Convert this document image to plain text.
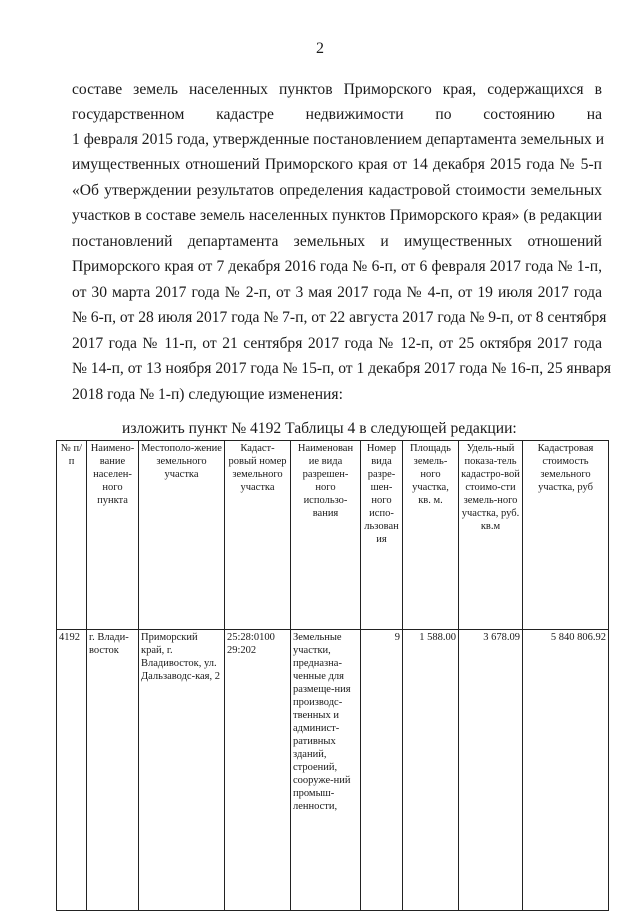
2
составе земель населенных пунктов Приморского края, содержащихся в
государственном кадастре недвижимости по состоянию на
1 февраля 2015 года, утвержденные постановлением департамента земельных и
имущественных отношений Приморского края от 14 декабря 2015 года № 5-п
«Об утверждении результатов определения кадастровой стоимости земельных
участков в составе земель населенных пунктов Приморского края» (в редакции
постановлений департамента земельных и имущественных отношений
Приморского края от 7 декабря 2016 года № 6-п, от 6 февраля 2017 года № 1-п,
от 30 марта 2017 года № 2-п, от 3 мая 2017 года № 4-п, от 19 июля 2017 года
№ 6-п, от 28 июля 2017 года № 7-п, от 22 августа 2017 года № 9-п, от 8 сентября
2017 года № 11-п, от 21 сентября 2017 года № 12-п, от 25 октября 2017 года
№ 14-п, от 13 ноября 2017 года № 15-п, от 1 декабря 2017 года № 16-п, 25 января
2018 года № 1-п) следующие изменения:
изложить пункт № 4192 Таблицы 4 в следующей редакции:
№ п/п	Наимено-вание населен-ного пункта	Местополо-жение земельного участка	Кадаст-ровый номер земельного участка	Наименован ие вида разрешен-ного использо-вания	Номер вида разре-шен-ного испо-льзован ия	Площадь земель-ного участка, кв. м.	Удель-ный показа-тель кадастро-вой стоимо-сти земель-ного участка, руб. кв.м	Кадастровая стоимость земельного участка, руб

4192	г. Влади-восток	Приморский край, г. Владивосток, ул. Дальзаводс-кая, 2	25:28:0100 29:202	Земельные участки, предназна-ченные для размеще-ния производс-твенных и админист-ративных зданий, строений, сооруже-ний промыш-ленности,	9	1 588.00	3 678.09	5 840 806.92
